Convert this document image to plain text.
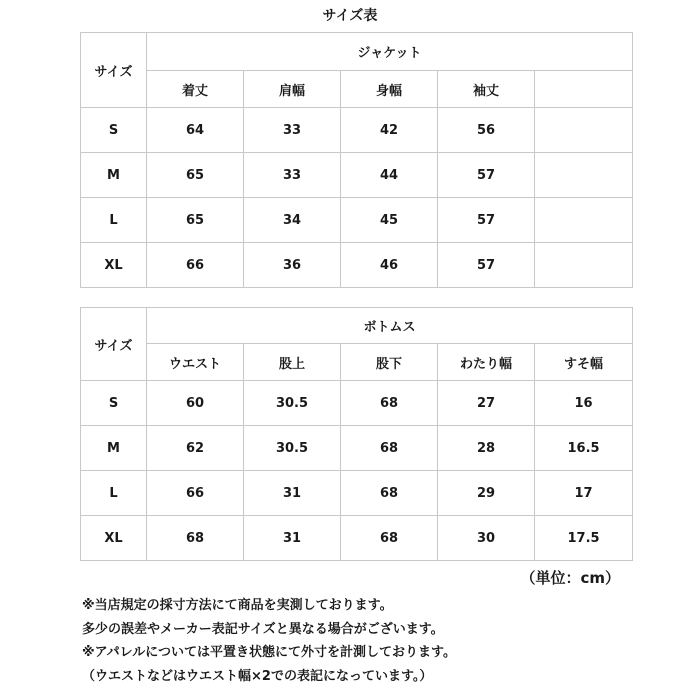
サイズ表
サイズ	ジャケット				
	着丈	肩幅	身幅	袖丈	
S	64	33	42	56	
M	65	33	44	57	
L	65	34	45	57	
XL	66	36	46	57	
サイズ	ボトムス				
	ウエスト	股上	股下	わたり幅	すそ幅
S	60	30.5	68	27	16
M	62	30.5	68	28	16.5
L	66	31	68	29	17
XL	68	31	68	30	17.5
（単位：cm）
※当店規定の採寸方法にて商品を実測しております。
多少の誤差やメーカー表記サイズと異なる場合がございます。
※アパレルについては平置き状態にて外寸を計測しております。
（ウエストなどはウエスト幅×2での表記になっています。）
